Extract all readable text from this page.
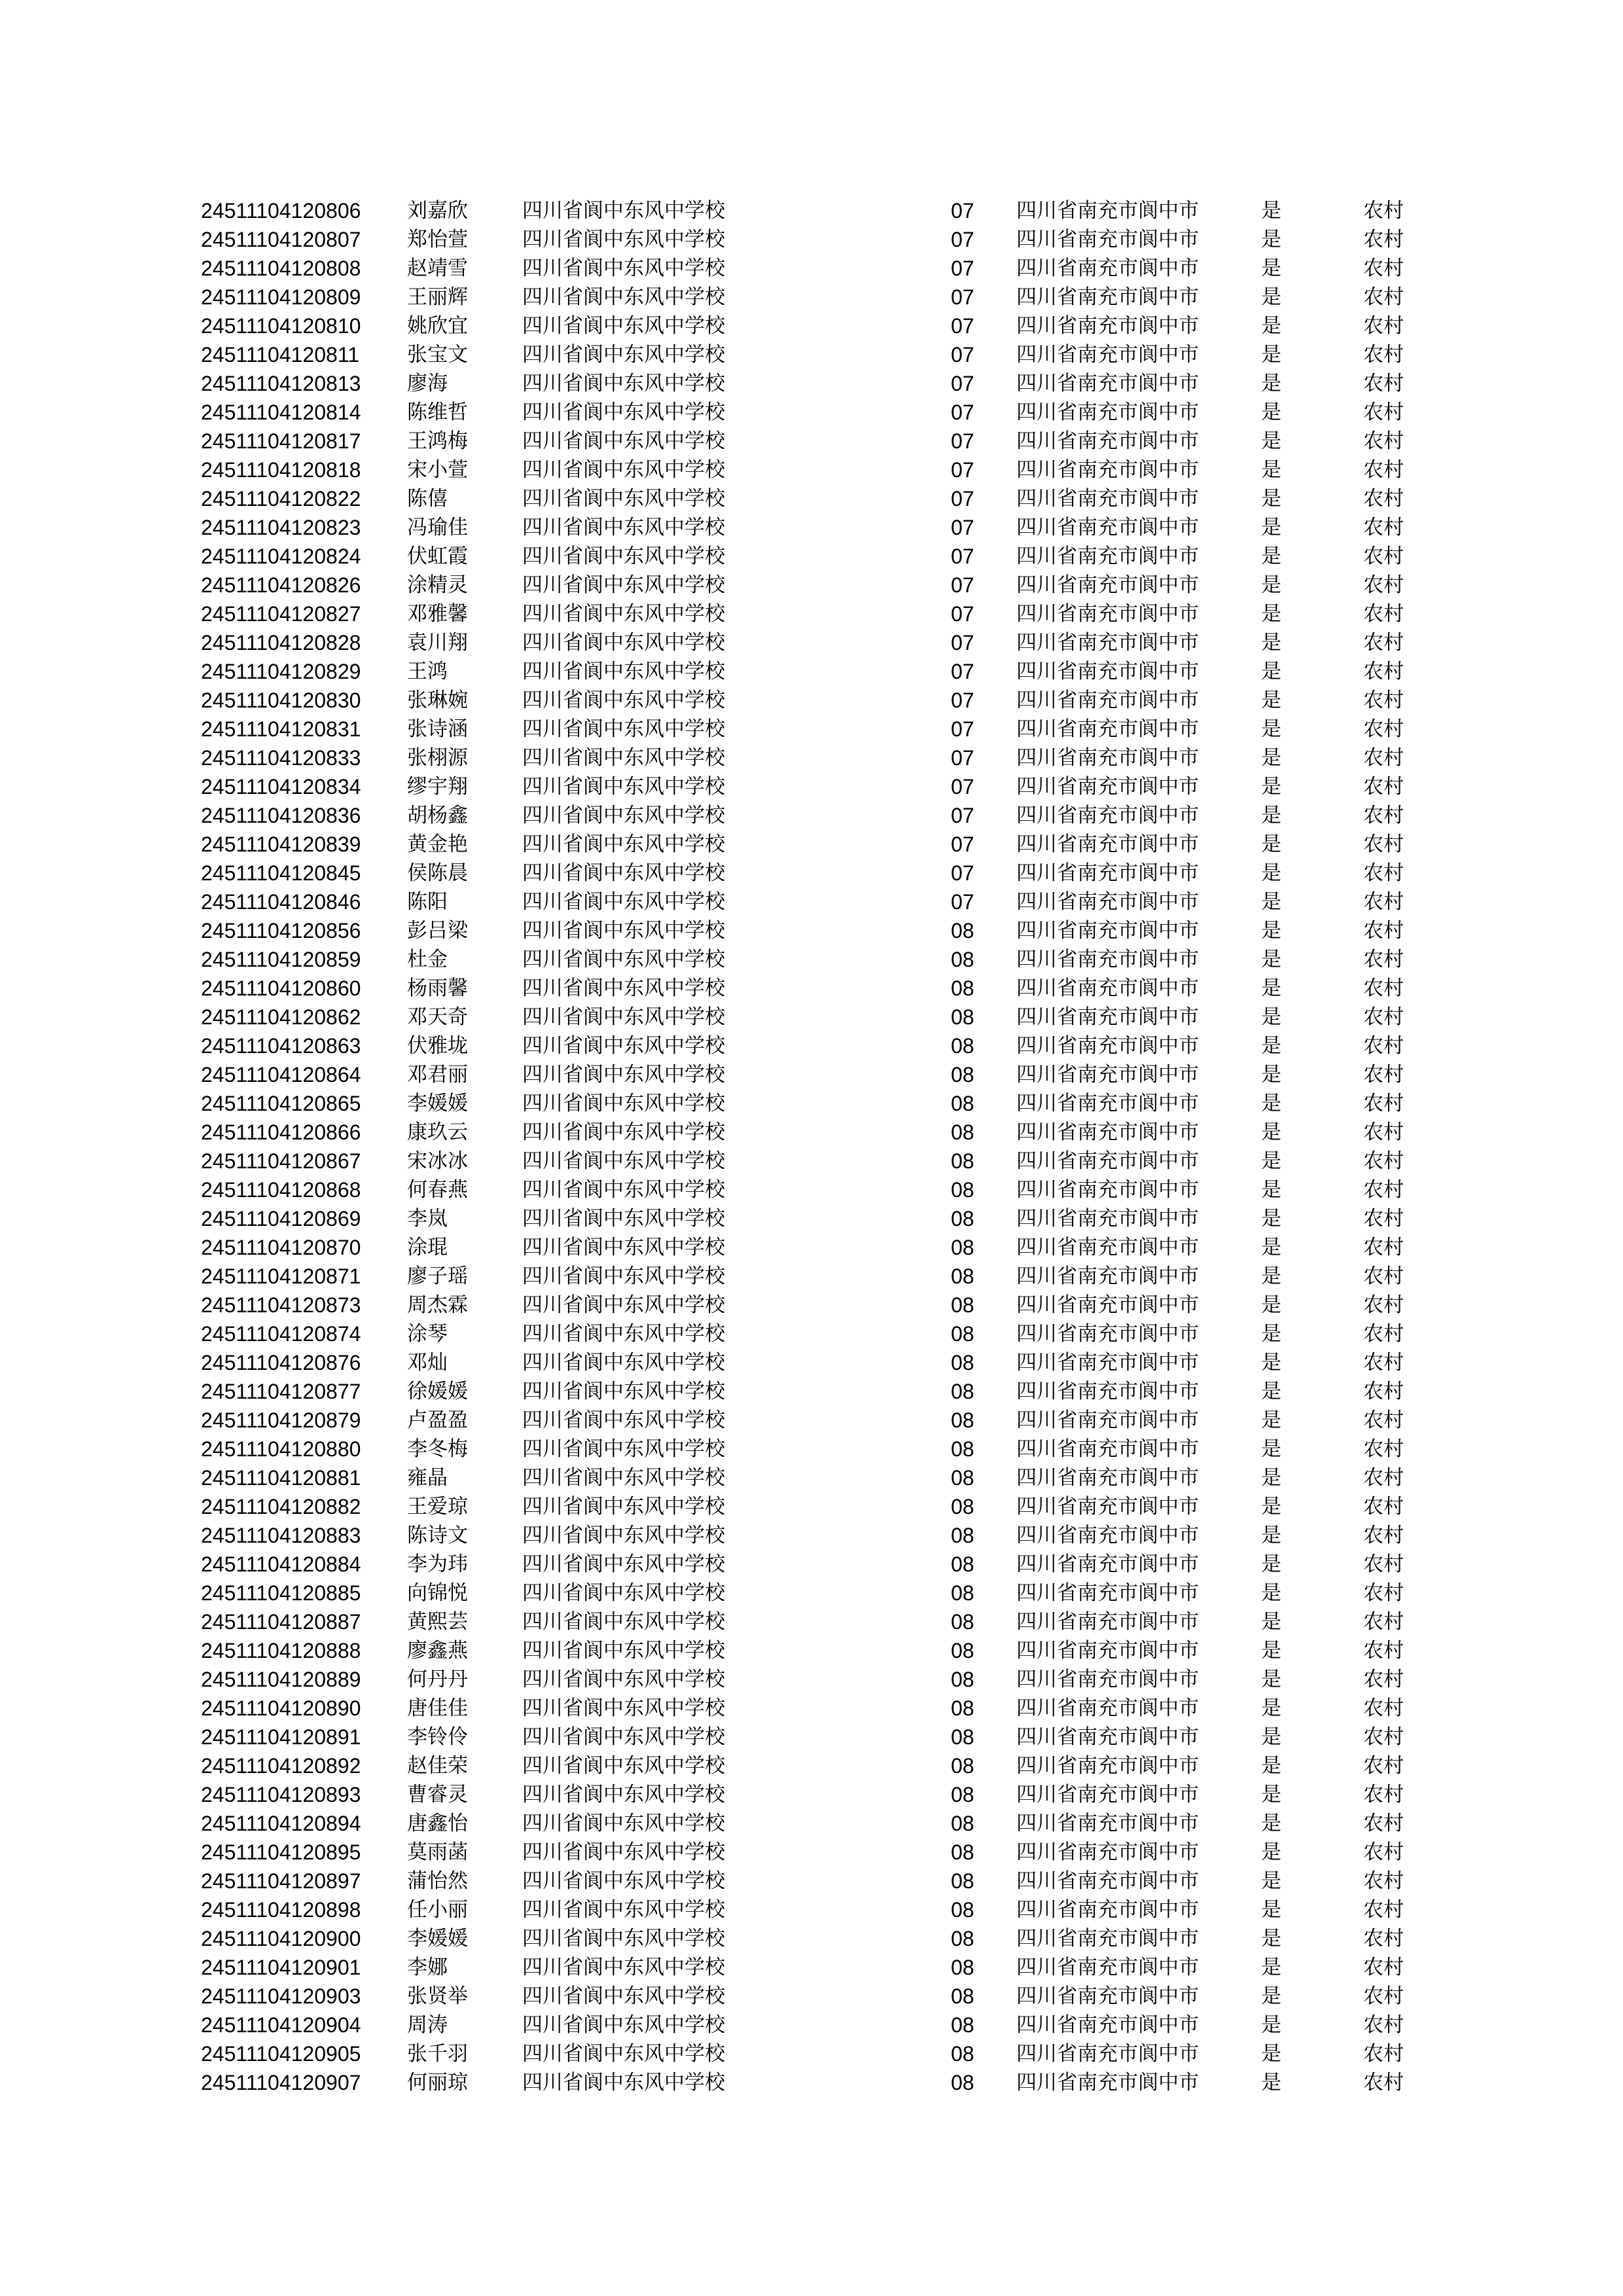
24511104120806 刘嘉欣	四川省阆中东风中学校	07 四川省南充市阆中市	是	农村
24511104120807 郑怡萱	四川省阆中东风中学校	07 四川省南充市阆中市	是	农村
24511104120808 赵靖雪	四川省阆中东风中学校	07 四川省南充市阆中市	是	农村
24511104120809 王丽辉	四川省阆中东风中学校	07 四川省南充市阆中市	是	农村
24511104120810 姚欣宜	四川省阆中东风中学校	07 四川省南充市阆中市	是	农村
24511104120811 张宝文	四川省阆中东风中学校	07 四川省南充市阆中市	是	农村
24511104120813 廖海	四川省阆中东风中学校	07 四川省南充市阆中市	是	农村
24511104120814 陈维哲	四川省阆中东风中学校	07 四川省南充市阆中市	是	农村
24511104120817 王鸿梅	四川省阆中东风中学校	07 四川省南充市阆中市	是	农村
24511104120818 宋小萱	四川省阆中东风中学校	07 四川省南充市阆中市	是	农村
24511104120822 陈僖	四川省阆中东风中学校	07 四川省南充市阆中市	是	农村
24511104120823 冯瑜佳	四川省阆中东风中学校	07 四川省南充市阆中市	是	农村
24511104120824 伏虹霞	四川省阆中东风中学校	07 四川省南充市阆中市	是	农村
24511104120826 涂精灵	四川省阆中东风中学校	07 四川省南充市阆中市	是	农村
24511104120827 邓雅馨	四川省阆中东风中学校	07 四川省南充市阆中市	是	农村
24511104120828 袁川翔	四川省阆中东风中学校	07 四川省南充市阆中市	是	农村
24511104120829 王鸿	四川省阆中东风中学校	07 四川省南充市阆中市	是	农村
24511104120830 张琳婉	四川省阆中东风中学校	07 四川省南充市阆中市	是	农村
24511104120831 张诗涵	四川省阆中东风中学校	07 四川省南充市阆中市	是	农村
24511104120833 张栩源	四川省阆中东风中学校	07 四川省南充市阆中市	是	农村
24511104120834 缪宇翔	四川省阆中东风中学校	07 四川省南充市阆中市	是	农村
24511104120836 胡杨鑫	四川省阆中东风中学校	07 四川省南充市阆中市	是	农村
24511104120839 黄金艳	四川省阆中东风中学校	07 四川省南充市阆中市	是	农村
24511104120845 侯陈晨	四川省阆中东风中学校	07 四川省南充市阆中市	是	农村
24511104120846 陈阳	四川省阆中东风中学校	07 四川省南充市阆中市	是	农村
24511104120856 彭吕梁	四川省阆中东风中学校	08 四川省南充市阆中市	是	农村
24511104120859 杜金	四川省阆中东风中学校	08 四川省南充市阆中市	是	农村
24511104120860 杨雨馨	四川省阆中东风中学校	08 四川省南充市阆中市	是	农村
24511104120862 邓天奇	四川省阆中东风中学校	08 四川省南充市阆中市	是	农村
24511104120863 伏雅垅	四川省阆中东风中学校	08 四川省南充市阆中市	是	农村
24511104120864 邓君丽	四川省阆中东风中学校	08 四川省南充市阆中市	是	农村
24511104120865 李媛媛	四川省阆中东风中学校	08 四川省南充市阆中市	是	农村
24511104120866 康玖云	四川省阆中东风中学校	08 四川省南充市阆中市	是	农村
24511104120867 宋冰冰	四川省阆中东风中学校	08 四川省南充市阆中市	是	农村
24511104120868 何春燕	四川省阆中东风中学校	08 四川省南充市阆中市	是	农村
24511104120869 李岚	四川省阆中东风中学校	08 四川省南充市阆中市	是	农村
24511104120870 涂琨	四川省阆中东风中学校	08 四川省南充市阆中市	是	农村
24511104120871 廖子瑶	四川省阆中东风中学校	08 四川省南充市阆中市	是	农村
24511104120873 周杰霖	四川省阆中东风中学校	08 四川省南充市阆中市	是	农村
24511104120874 涂琴	四川省阆中东风中学校	08 四川省南充市阆中市	是	农村
24511104120876 邓灿	四川省阆中东风中学校	08 四川省南充市阆中市	是	农村
24511104120877 徐媛媛	四川省阆中东风中学校	08 四川省南充市阆中市	是	农村
24511104120879 卢盈盈	四川省阆中东风中学校	08 四川省南充市阆中市	是	农村
24511104120880 李冬梅	四川省阆中东风中学校	08 四川省南充市阆中市	是	农村
24511104120881 雍晶	四川省阆中东风中学校	08 四川省南充市阆中市	是	农村
24511104120882 王爱琼	四川省阆中东风中学校	08 四川省南充市阆中市	是	农村
24511104120883 陈诗文	四川省阆中东风中学校	08 四川省南充市阆中市	是	农村
24511104120884 李为玮	四川省阆中东风中学校	08 四川省南充市阆中市	是	农村
24511104120885 向锦悦	四川省阆中东风中学校	08 四川省南充市阆中市	是	农村
24511104120887 黄熙芸	四川省阆中东风中学校	08 四川省南充市阆中市	是	农村
24511104120888 廖鑫燕	四川省阆中东风中学校	08 四川省南充市阆中市	是	农村
24511104120889 何丹丹	四川省阆中东风中学校	08 四川省南充市阆中市	是	农村
24511104120890 唐佳佳	四川省阆中东风中学校	08 四川省南充市阆中市	是	农村
24511104120891 李铃伶	四川省阆中东风中学校	08 四川省南充市阆中市	是	农村
24511104120892 赵佳荣	四川省阆中东风中学校	08 四川省南充市阆中市	是	农村
24511104120893 曹睿灵	四川省阆中东风中学校	08 四川省南充市阆中市	是	农村
24511104120894 唐鑫怡	四川省阆中东风中学校	08 四川省南充市阆中市	是	农村
24511104120895 莫雨菡	四川省阆中东风中学校	08 四川省南充市阆中市	是	农村
24511104120897 蒲怡然	四川省阆中东风中学校	08 四川省南充市阆中市	是	农村
24511104120898 任小丽	四川省阆中东风中学校	08 四川省南充市阆中市	是	农村
24511104120900 李媛媛	四川省阆中东风中学校	08 四川省南充市阆中市	是	农村
24511104120901 李娜	四川省阆中东风中学校	08 四川省南充市阆中市	是	农村
24511104120903 张贤举	四川省阆中东风中学校	08 四川省南充市阆中市	是	农村
24511104120904 周涛	四川省阆中东风中学校	08 四川省南充市阆中市	是	农村
24511104120905 张千羽	四川省阆中东风中学校	08 四川省南充市阆中市	是	农村
24511104120907 何丽琼	四川省阆中东风中学校	08 四川省南充市阆中市	是	农村
